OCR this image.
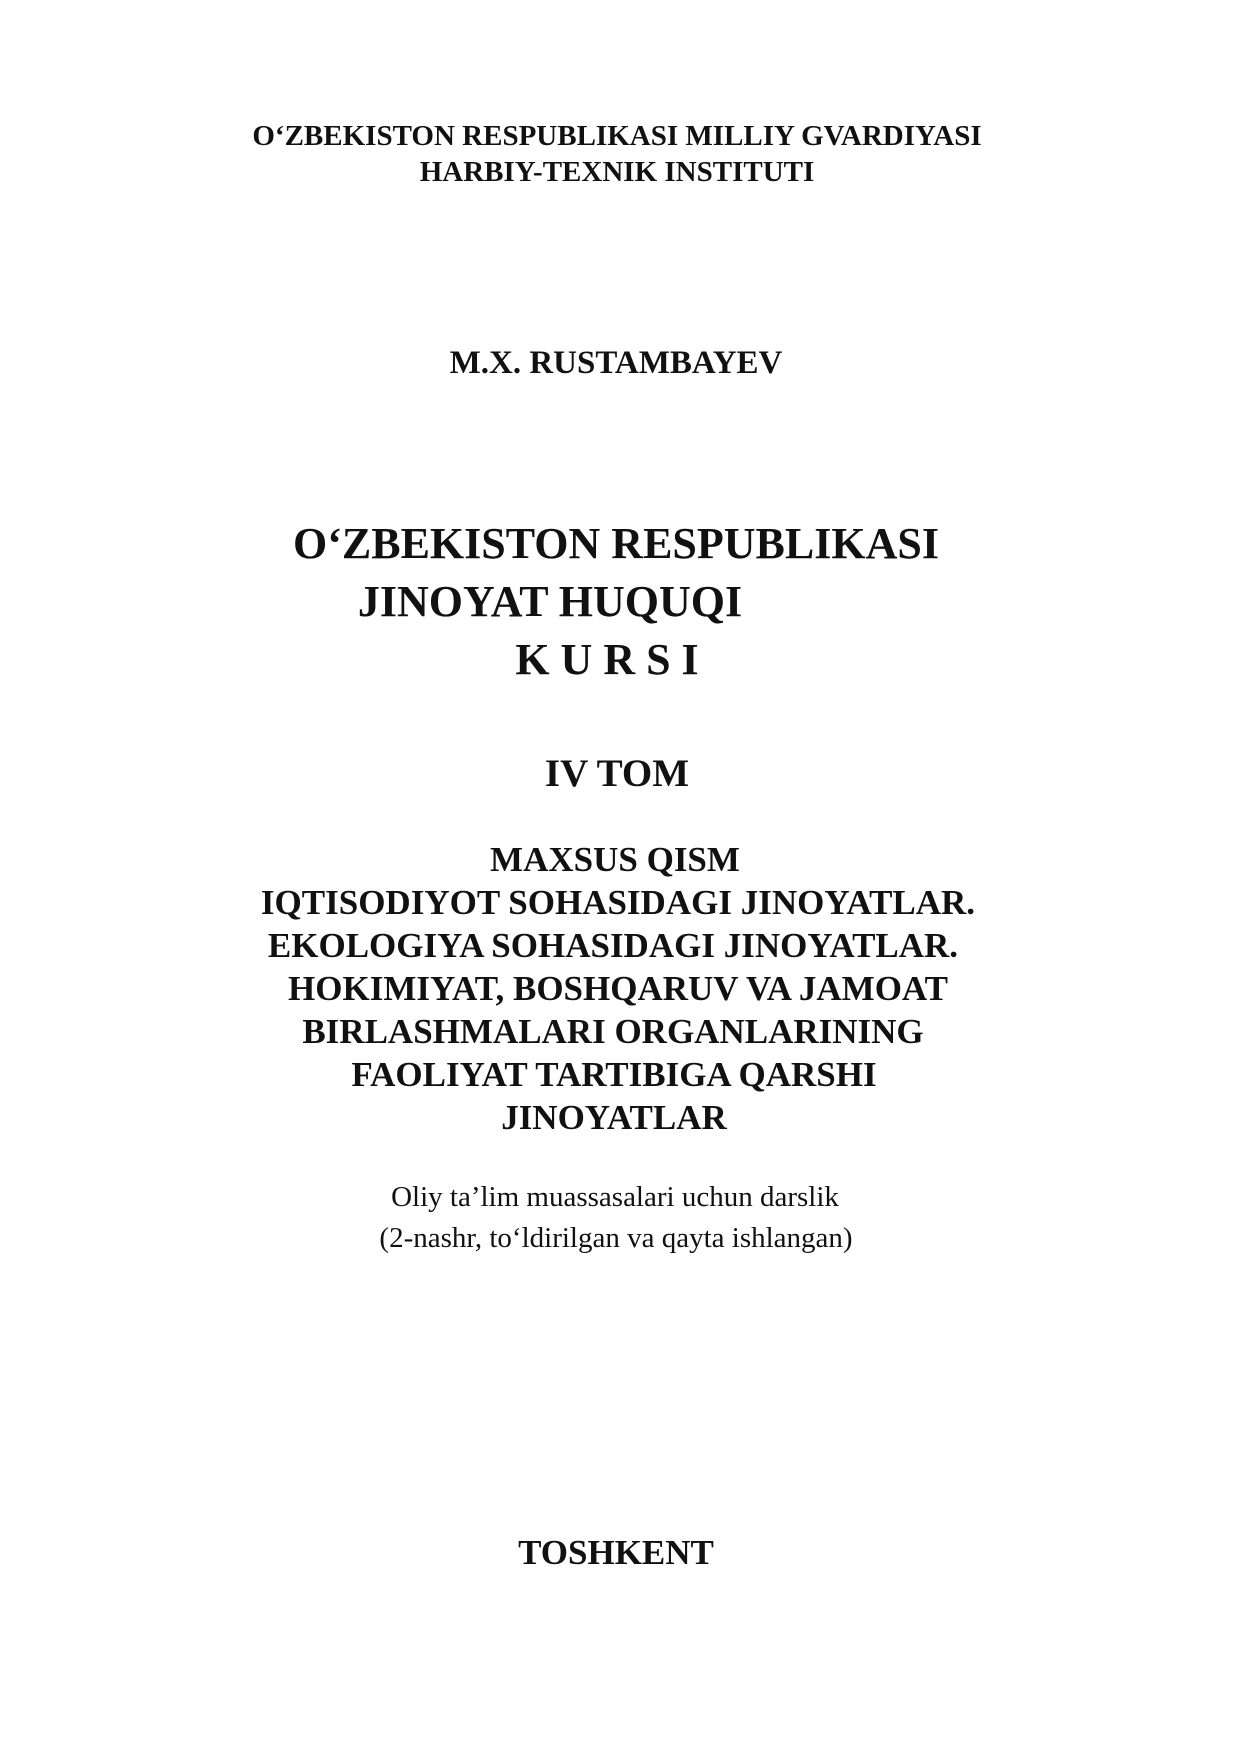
O‘ZBEKISTON RESPUBLIKASI MILLIY GVARDIYASI

HARBIY-TEXNIK INSTITUTI

M.X. RUSTAMBAYEV

O‘ZBEKISTON RESPUBLIKASI

JINOYAT HUQUQI

K U R S I

IV TOM

MAXSUS QISM

IQTISODIYOT SOHASIDAGI JINOYATLAR.

EKOLOGIYA SOHASIDAGI JINOYATLAR.

HOKIMIYAT, BOSHQARUV VA JAMOAT

BIRLASHMALARI ORGANLARINING

FAOLIYAT TARTIBIGA QARSHI

JINOYATLAR

Oliy ta’lim muassasalari uchun darslik

(2-nashr, to‘ldirilgan va qayta ishlangan)

TOSHKENT
